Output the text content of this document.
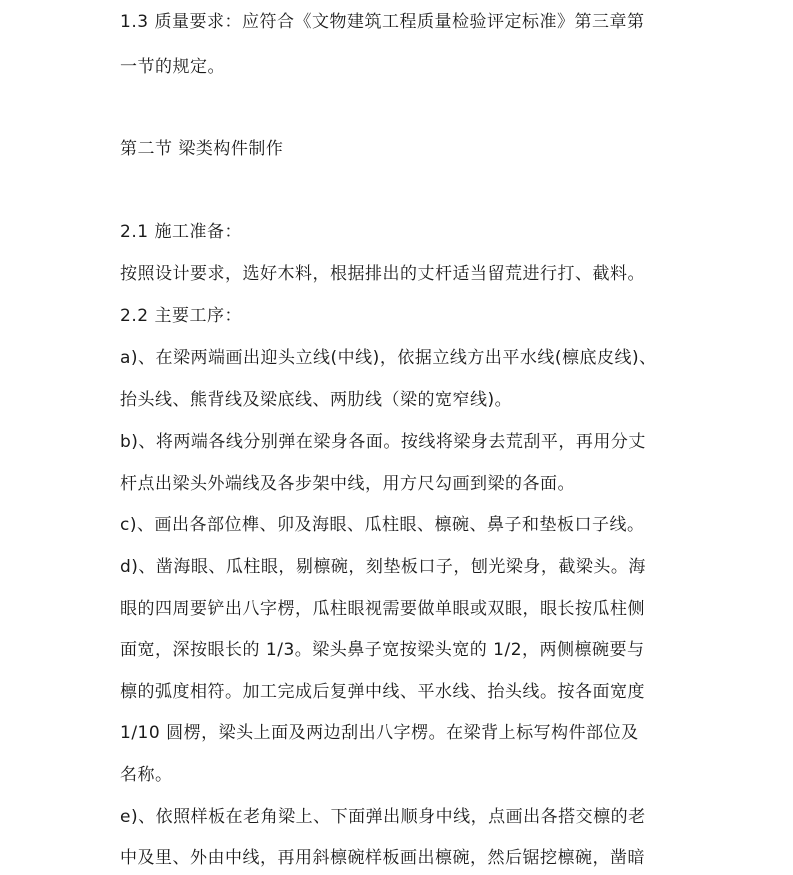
1.3 质量要求：应符合《文物建筑工程质量检验评定标准》第三章第

一节的规定。

第二节 梁类构件制作

2.1 施工准备：

按照设计要求，选好木料，根据排出的丈杆适当留荒进行打、截料。

2.2 主要工序：

a)、在梁两端画出迎头立线(中线)，依据立线方出平水线(檩底皮线)、

抬头线、熊背线及梁底线、两肋线（梁的宽窄线)。

b)、将两端各线分别弹在梁身各面。按线将梁身去荒刮平，再用分丈

杆点出梁头外端线及各步架中线，用方尺勾画到梁的各面。

c)、画出各部位榫、卯及海眼、瓜柱眼、檩碗、鼻子和垫板口子线。

d)、凿海眼、瓜柱眼，剔檩碗，刻垫板口子，刨光梁身，截梁头。海

眼的四周要铲出八字楞，瓜柱眼视需要做单眼或双眼，眼长按瓜柱侧

面宽，深按眼长的 1/3。梁头鼻子宽按梁头宽的 1/2，两侧檩碗要与

檩的弧度相符。加工完成后复弹中线、平水线、抬头线。按各面宽度

1/10 圆楞，梁头上面及两边刮出八字楞。在梁背上标写构件部位及

名称。

e)、依照样板在老角梁上、下面弹出顺身中线，点画出各搭交檩的老

中及里、外由中线，再用斜檩碗样板画出檩碗，然后锯挖檩碗，凿暗
